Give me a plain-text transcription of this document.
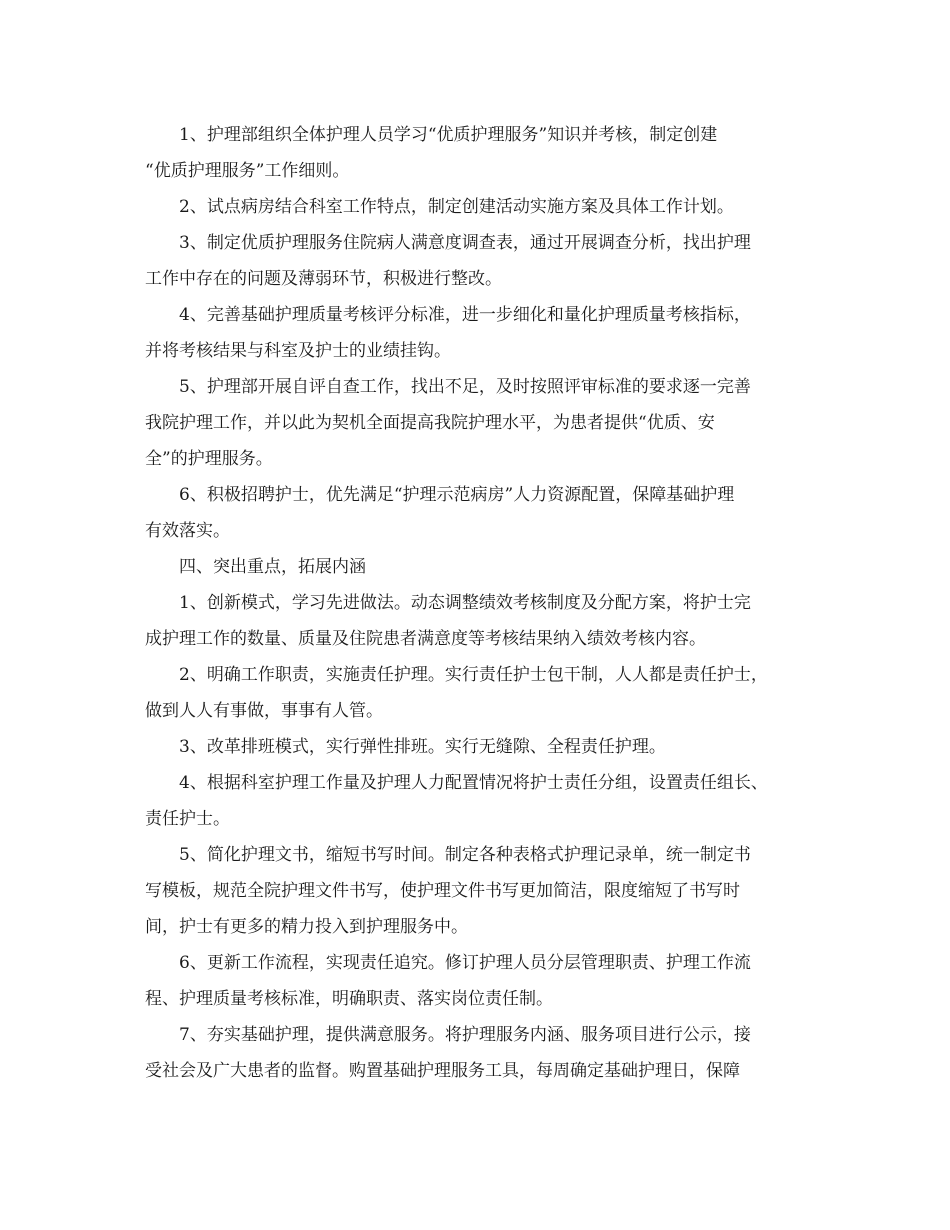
1、护理部组织全体护理人员学习“优质护理服务”知识并考核，制定创建
“优质护理服务”工作细则。
2、试点病房结合科室工作特点，制定创建活动实施方案及具体工作计划。
3、制定优质护理服务住院病人满意度调查表，通过开展调查分析，找出护理
工作中存在的问题及薄弱环节，积极进行整改。
4、完善基础护理质量考核评分标准，进一步细化和量化护理质量考核指标，
并将考核结果与科室及护士的业绩挂钩。
5、护理部开展自评自查工作，找出不足，及时按照评审标准的要求逐一完善
我院护理工作，并以此为契机全面提高我院护理水平，为患者提供“优质、安
全”的护理服务。
6、积极招聘护士，优先满足“护理示范病房”人力资源配置，保障基础护理
有效落实。
四、突出重点，拓展内涵
1、创新模式，学习先进做法。动态调整绩效考核制度及分配方案，将护士完
成护理工作的数量、质量及住院患者满意度等考核结果纳入绩效考核内容。
2、明确工作职责，实施责任护理。实行责任护士包干制，人人都是责任护士，
做到人人有事做，事事有人管。
3、改革排班模式，实行弹性排班。实行无缝隙、全程责任护理。
4、根据科室护理工作量及护理人力配置情况将护士责任分组，设置责任组长、
责任护士。
5、简化护理文书，缩短书写时间。制定各种表格式护理记录单，统一制定书
写模板，规范全院护理文件书写，使护理文件书写更加简洁，限度缩短了书写时
间，护士有更多的精力投入到护理服务中。
6、更新工作流程，实现责任追究。修订护理人员分层管理职责、护理工作流
程、护理质量考核标准，明确职责、落实岗位责任制。
7、夯实基础护理，提供满意服务。将护理服务内涵、服务项目进行公示，接
受社会及广大患者的监督。购置基础护理服务工具，每周确定基础护理日，保障
